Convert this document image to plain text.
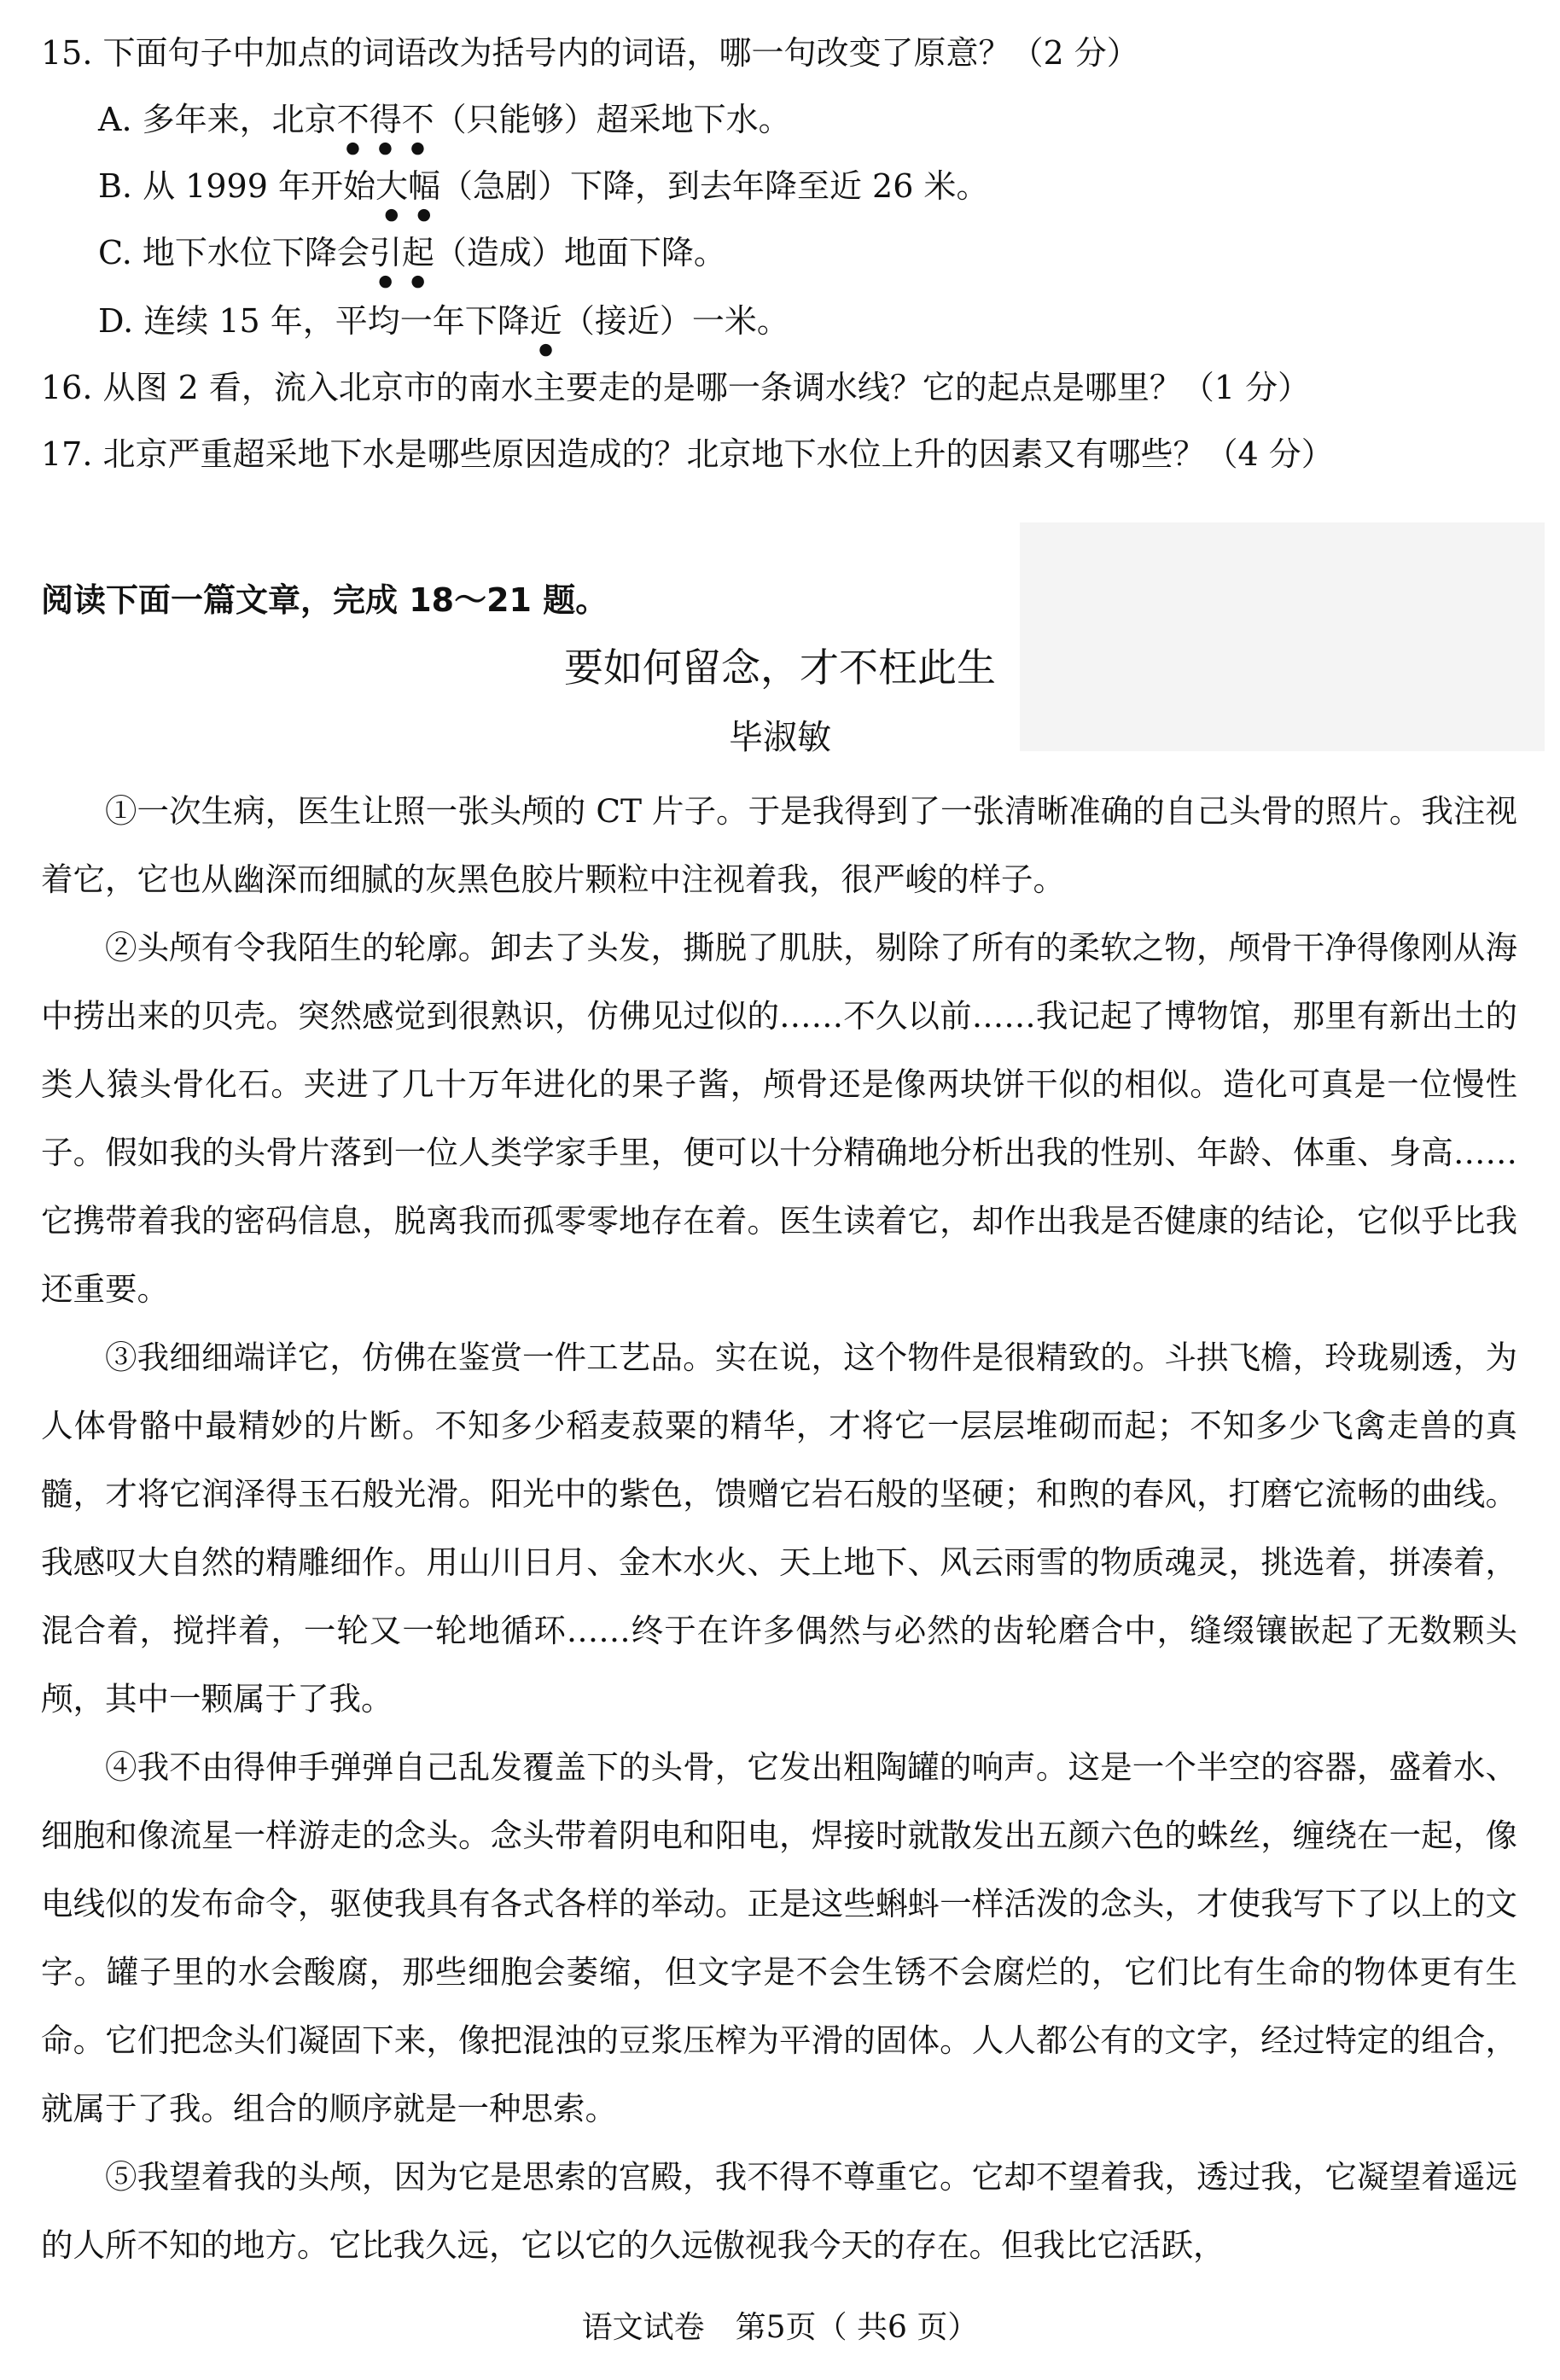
15. 下面句子中加点的词语改为括号内的词语，哪一句改变了原意？（2 分）
A. 多年来，北京不得不（只能够）超采地下水。
B. 从 1999 年开始大幅（急剧）下降，到去年降至近 26 米。
C. 地下水位下降会引起（造成）地面下降。
D. 连续 15 年，平均一年下降近（接近）一米。
16. 从图 2 看，流入北京市的南水主要走的是哪一条调水线？它的起点是哪里？（1 分）
17. 北京严重超采地下水是哪些原因造成的？北京地下水位上升的因素又有哪些？（4 分）
阅读下面一篇文章，完成 18～21 题。
要如何留念，才不枉此生
毕淑敏

①一次生病，医生让照一张头颅的 CT 片子。于是我得到了一张清晰准确的自己头骨的照片。我注视着它，它也从幽深而细腻的灰黑色胶片颗粒中注视着我，很严峻的样子。

②头颅有令我陌生的轮廓。卸去了头发，撕脱了肌肤，剔除了所有的柔软之物，颅骨干净得像刚从海中捞出来的贝壳。突然感觉到很熟识，仿佛见过似的……不久以前……我记起了博物馆，那里有新出土的类人猿头骨化石。夹进了几十万年进化的果子酱，颅骨还是像两块饼干似的相似。造化可真是一位慢性子。假如我的头骨片落到一位人类学家手里，便可以十分精确地分析出我的性别、年龄、体重、身高……它携带着我的密码信息，脱离我而孤零零地存在着。医生读着它，却作出我是否健康的结论，它似乎比我还重要。

③我细细端详它，仿佛在鉴赏一件工艺品。实在说，这个物件是很精致的。斗拱飞檐，玲珑剔透，为人体骨骼中最精妙的片断。不知多少稻麦菽粟的精华，才将它一层层堆砌而起；不知多少飞禽走兽的真髓，才将它润泽得玉石般光滑。阳光中的紫色，馈赠它岩石般的坚硬；和煦的春风，打磨它流畅的曲线。我感叹大自然的精雕细作。用山川日月、金木水火、天上地下、风云雨雪的物质魂灵，挑选着，拼凑着，混合着，搅拌着，一轮又一轮地循环……终于在许多偶然与必然的齿轮磨合中，缝缀镶嵌起了无数颗头颅，其中一颗属于了我。

④我不由得伸手弹弹自己乱发覆盖下的头骨，它发出粗陶罐的响声。这是一个半空的容器，盛着水、细胞和像流星一样游走的念头。念头带着阴电和阳电，焊接时就散发出五颜六色的蛛丝，缠绕在一起，像电线似的发布命令，驱使我具有各式各样的举动。正是这些蝌蚪一样活泼的念头，才使我写下了以上的文字。罐子里的水会酸腐，那些细胞会萎缩，但文字是不会生锈不会腐烂的，它们比有生命的物体更有生命。它们把念头们凝固下来，像把混浊的豆浆压榨为平滑的固体。人人都公有的文字，经过特定的组合，就属于了我。组合的顺序就是一种思索。

⑤我望着我的头颅，因为它是思索的宫殿，我不得不尊重它。它却不望着我，透过我，它凝望着遥远的人所不知的地方。它比我久远，它以它的久远傲视我今天的存在。但我比它活跃，

语文试卷　第5页（ 共6 页）
